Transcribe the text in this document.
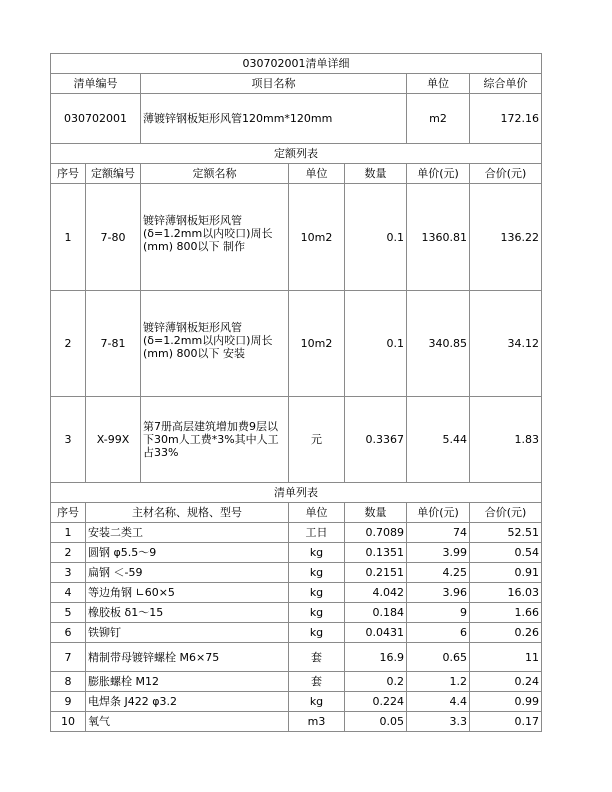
030702001清单详细						
清单编号		项目名称			单位	综合单价
030702001		薄镀锌钢板矩形风管120mm*120mm			m2	172.16
定额列表						
序号	定额编号	定额名称	单位	数量	单价(元)	合价(元)
1	7-80	镀锌薄钢板矩形风管(δ=1.2mm以内咬口)周长(mm) 800以下 制作	10m2	0.1	1360.81	136.22
2	7-81	镀锌薄钢板矩形风管(δ=1.2mm以内咬口)周长(mm) 800以下 安装	10m2	0.1	340.85	34.12
3	X-99X	第7册高层建筑增加费9层以下30m人工费*3%其中人工占33%	元	0.3367	5.44	1.83
清单列表						
序号	主材名称、规格、型号		单位	数量	单价(元)	合价(元)
1	安装二类工		工日	0.7089	74	52.51
2	圆钢 φ5.5～9		kg	0.1351	3.99	0.54
3	扁钢 ＜-59		kg	0.2151	4.25	0.91
4	等边角钢 ∟60×5		kg	4.042	3.96	16.03
5	橡胶板 δ1～15		kg	0.184	9	1.66
6	铁铆钉		kg	0.0431	6	0.26
7	精制带母镀锌螺栓 M6×75		套	16.9	0.65	11
8	膨胀螺栓 M12		套	0.2	1.2	0.24
9	电焊条 J422 φ3.2		kg	0.224	4.4	0.99
10	氧气		m3	0.05	3.3	0.17
